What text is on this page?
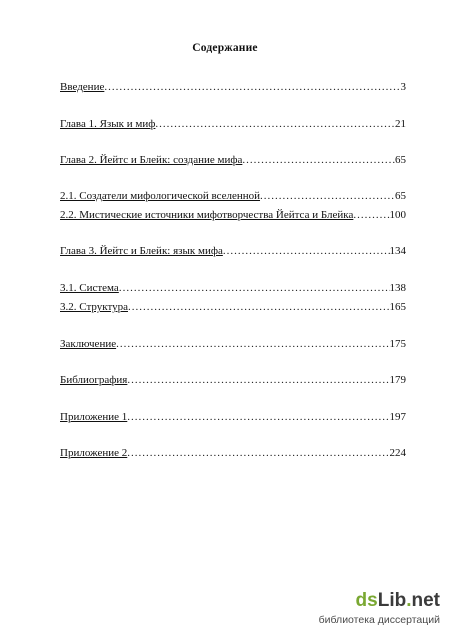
Содержание
Введение .....	3
Глава 1. Язык и миф .....	21
Глава 2. Йейтс и Блейк: создание мифа .....	65
2.1. Создатели мифологической вселенной .....	65
2.2. Мистические источники мифотворчества Йейтса и Блейка .....	100
Глава 3. Йейтс и Блейк: язык мифа .....	134
3.1. Система .....	138
3.2. Структура .....	165
Заключение .....	175
Библиография .....	179
Приложение 1 .....	197
Приложение 2 .....	224
dsLib.net
библиотека диссертаций
